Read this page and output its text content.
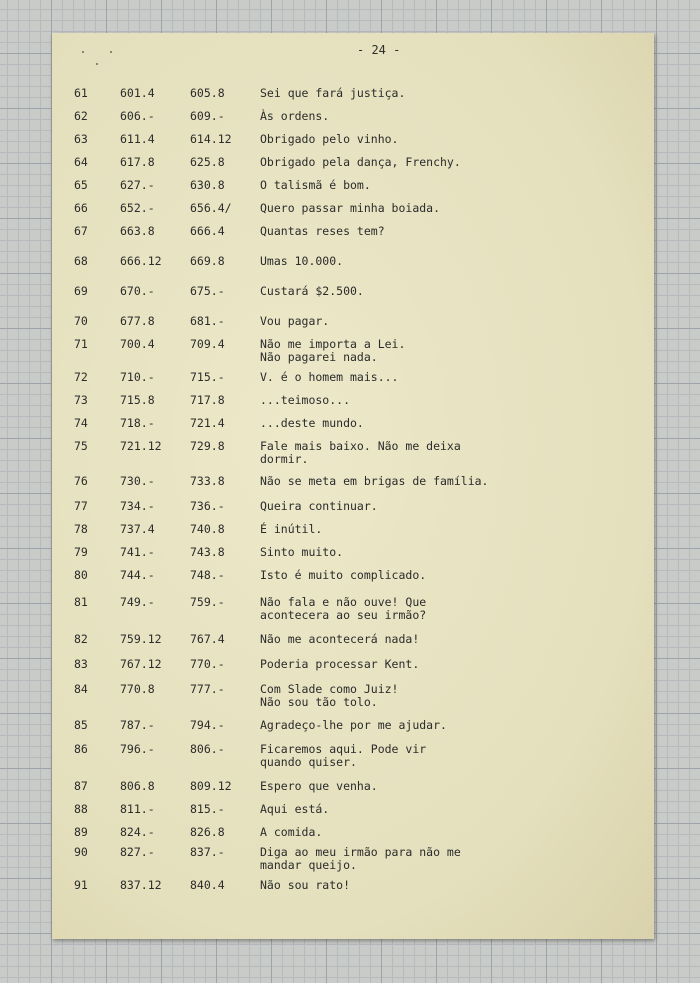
- 24 -
61	601.4	605.8	Sei que fará justiça.
62	606.-	609.-	Às ordens.
63	611.4	614.12 Obrigado pelo vinho.
64	617.8	625.8	Obrigado pela dança, Frenchy.
65	627.-	630.8	O talismã é bom.
66	652.-	656.4/ Quero passar minha boiada.
67	663.8	666.4	Quantas reses tem?
68	666.12 669.8	Umas 10.000.
69	670.-	675.-	Custará $2.500.
70	677.8	681.-	Vou pagar.
71	700.4	709.4	Não me importa a Lei.
Não pagarei nada.
72	710.-	715.-	V. é o homem mais...
73	715.8	717.8	...teimoso...
74	718.-	721.4	...deste mundo.
75	721.12 729.8	Fale mais baixo. Não me deixa
dormir.
76	730.-	733.8	Não se meta em brigas de família.
77	734.-	736.-	Queira continuar.
78	737.4	740.8	É inútil.
79	741.-	743.8	Sinto muito.
80	744.-	748.-	Isto é muito complicado.
81	749.-	759.-	Não fala e não ouve! Que
acontecera ao seu irmão?
82	759.12 767.4	Não me acontecerá nada!
83	767.12 770.-	Poderia processar Kent.
84	770.8	777.-	Com Slade como Juiz!
Não sou tão tolo.
85	787.-	794.-	Agradeço-lhe por me ajudar.
86	796.-	806.-	Ficaremos aqui. Pode vir
quando quiser.
87	806.8	809.12 Espero que venha.
88	811.-	815.-	Aqui está.
89	824.-	826.8	A comida.
90	827.-	837.-	Diga ao meu irmão para não me
mandar queijo.
91	837.12 840.4	Não sou rato!
